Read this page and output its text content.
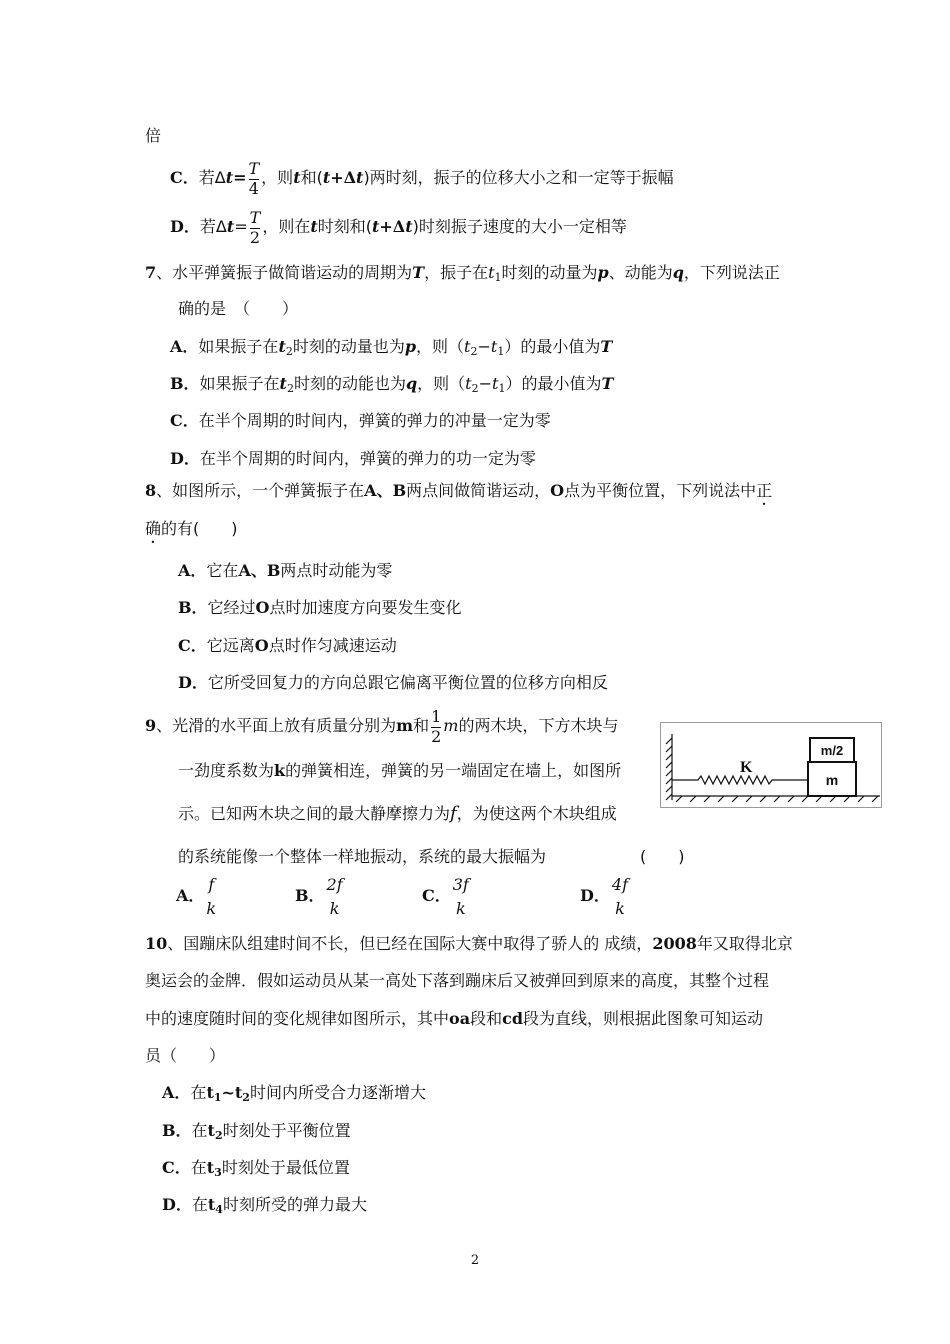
倍
C．若$\Delta t= \frac{T}{4}$ ，则t和(t+Δt)两时刻，振子的位移大小之和一定等于振幅
D．若$\Delta t= \frac{T}{2}$ ，则在t时刻和(t+Δt)时刻振子速度的大小一定相等
7、水平弹簧振子做简谐运动的周期为T，振子在$t_1$时刻的动量为p、动能为q，下列说法正
确的是　（　　）
A．如果振子在$t_2$时刻的动量也为p，则$(t_2-t_1)$的最小值为T
B．如果振子在$t_2$时刻的动能也为q，则$(t_2-t_1)$的最小值为T
C．在半个周期的时间内，弹簧的弹力的冲量一定为零
D．在半个周期的时间内，弹簧的弹力的功一定为零
8、如图所示，一个弹簧振子在A、B两点间做简谐运动，O点为平衡位置，下列说法中正
确的有(　　)
A．它在A、B两点时动能为零
B．它经过O点时加速度方向要发生变化
C．它远离O点时作匀减速运动
D．它所受回复力的方向总跟它偏离平衡位置的位移方向相反
9、光滑的水平面上放有质量分别为m和 $\frac{1}{2}$ m的两木块，下方木块与
一劲度系数为k的弹簧相连，弹簧的另一端固定在墙上，如图所
示。已知两木块之间的最大静摩擦力为f，为使这两个木块组成
的系统能像一个整体一样地振动，系统的最大振幅为	(　　)
A．
f
k
B．
2f
k
C．
3f
k
D．
4f
k
K
m
m/2
10、国蹦床队组建时间不长，但已经在国际大赛中取得了骄人的 成绩，2008年又取得北京
奥运会的金牌．假如运动员从某一高处下落到蹦床后又被弹回到原来的高度，其整个过程
中的速度随时间的变化规律如图所示，其中oa段和cd段为直线，则根据此图象可知运动
员（　　）
A．在$t_1\sim t_2$时间内所受合力逐渐增大
B．在$t_2$时刻处于平衡位置
C．在$t_3$时刻处于最低位置
D．在$t_4$时刻所受的弹力最大
2
